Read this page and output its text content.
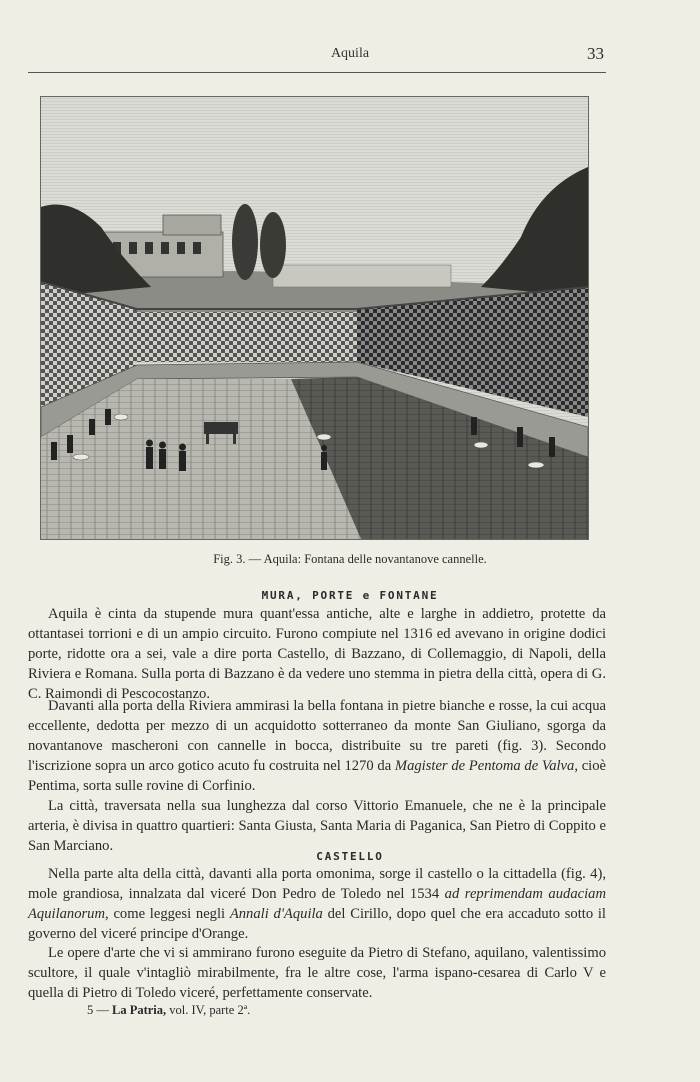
Aquila	33
Fig. 3. — Aquila: Fontana delle novantanove cannelle.
MURA, PORTE e FONTANE

Aquila è cinta da stupende mura quant'essa antiche, alte e larghe in addietro, protette da ottantasei torrioni e di un ampio circuito. Furono compiute nel 1316 ed avevano in origine dodici porte, ridotte ora a sei, vale a dire porta Castello, di Bazzano, di Collemaggio, di Napoli, della Riviera e Romana. Sulla porta di Bazzano è da vedere uno stemma in pietra della città, opera di G. C. Raimondi di Pescocostanzo.

Davanti alla porta della Riviera ammirasi la bella fontana in pietre bianche e rosse, la cui acqua eccellente, dedotta per mezzo di un acquidotto sotterraneo da monte San Giuliano, sgorga da novantanove mascheroni con cannelle in bocca, distribuite su tre pareti (fig. 3). Secondo l'iscrizione sopra un arco gotico acuto fu costruita nel 1270 da Magister de Pentoma de Valva, cioè Pentima, sorta sulle rovine di Corfinio.

La città, traversata nella sua lunghezza dal corso Vittorio Emanuele, che ne è la principale arteria, è divisa in quattro quartieri: Santa Giusta, Santa Maria di Paganica, San Pietro di Coppito e San Marciano.

CASTELLO

Nella parte alta della città, davanti alla porta omonima, sorge il castello o la cittadella (fig. 4), mole grandiosa, innalzata dal viceré Don Pedro de Toledo nel 1534 ad reprimendam audaciam Aquilanorum, come leggesi negli Annali d'Aquila del Cirillo, dopo quel che era accaduto sotto il governo del viceré principe d'Orange.

Le opere d'arte che vi si ammirano furono eseguite da Pietro di Stefano, aquilano, valentissimo scultore, il quale v'intagliò mirabilmente, fra le altre cose, l'arma ispano-cesarea di Carlo V e quella di Pietro di Toledo viceré, perfettamente conservate.

5 — La Patria, vol. IV, parte 2ª.
